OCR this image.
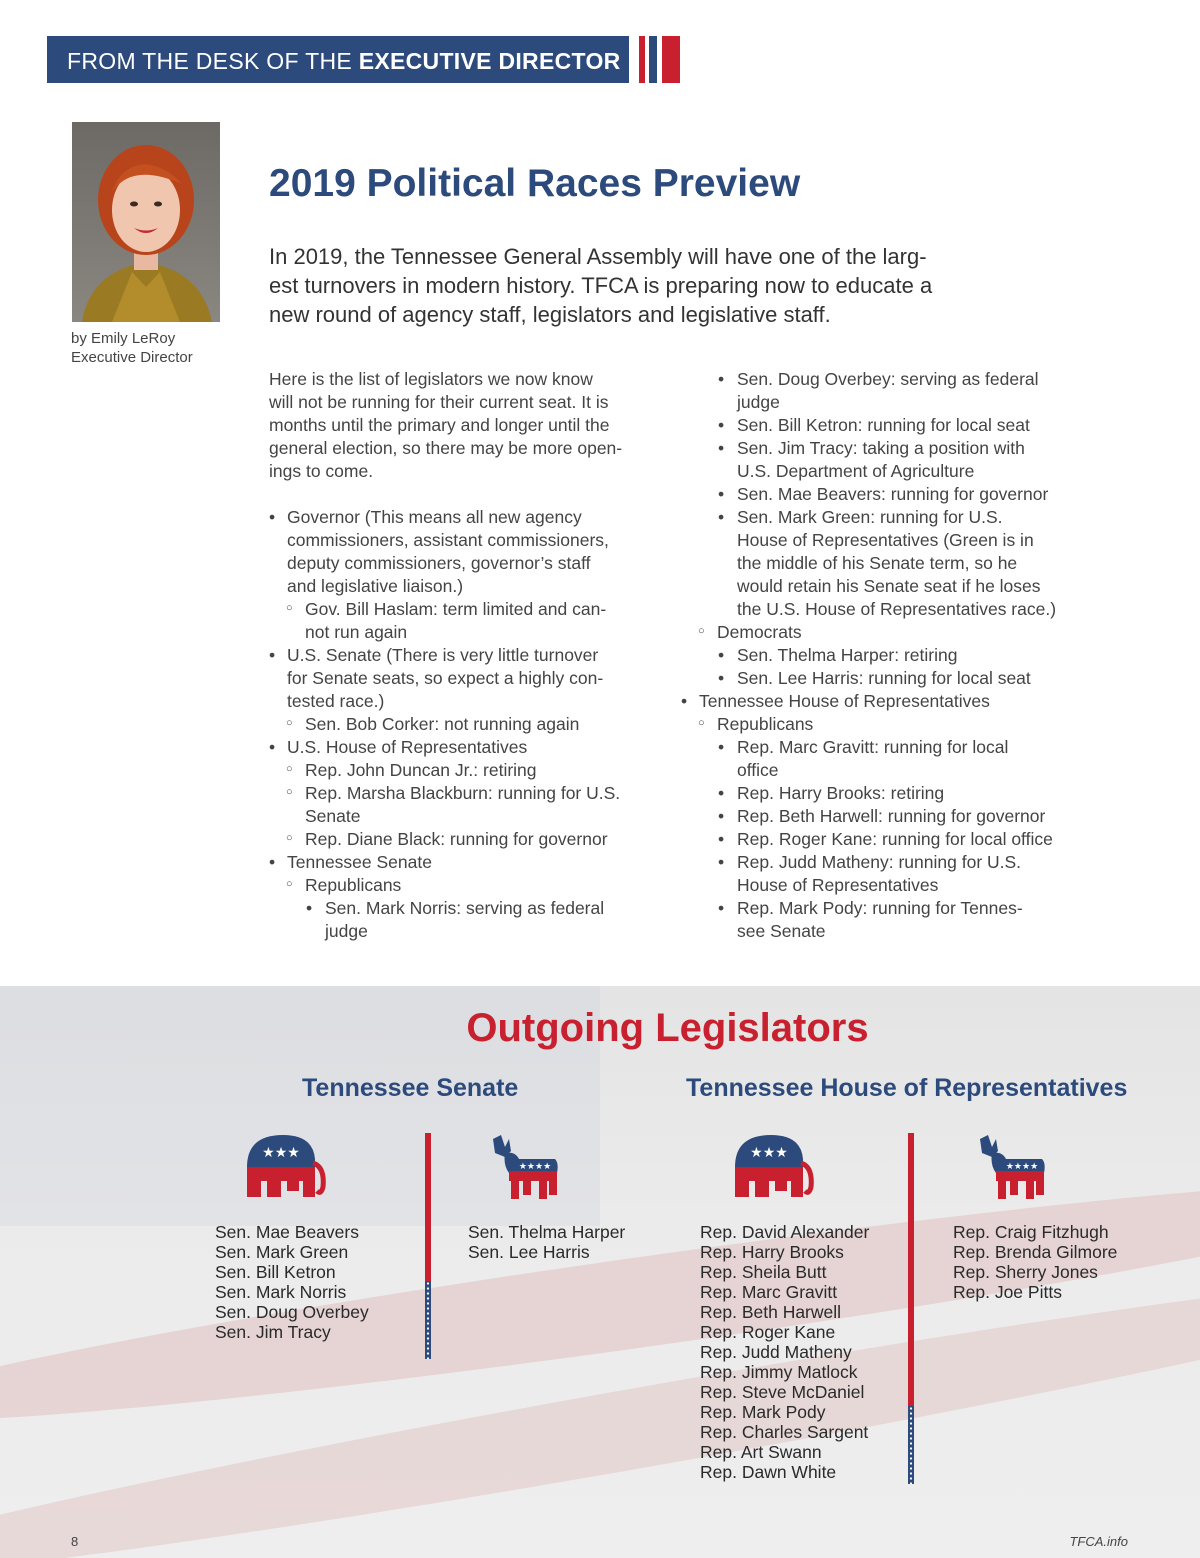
FROM THE DESK OF THE EXECUTIVE DIRECTOR
by Emily LeRoy
Executive Director
2019 Political Races Preview
In 2019, the Tennessee General Assembly will have one of the larg-
est turnovers in modern history. TFCA is preparing now to educate a
new round of agency staff, legislators and legislative staff.
Here is the list of legislators we now know
will not be running for their current seat. It is
months until the primary and longer until the
general election, so there may be more open-
ings to come.
• Governor (This means all new agency
commissioners, assistant commissioners,
deputy commissioners, governor’s staff
and legislative liaison.)
○ Gov. Bill Haslam: term limited and can-
not run again
• U.S. Senate (There is very little turnover
for Senate seats, so expect a highly con-
tested race.)
○ Sen. Bob Corker: not running again
• U.S. House of Representatives
○ Rep. John Duncan Jr.: retiring
○ Rep. Marsha Blackburn: running for U.S.
Senate
○ Rep. Diane Black: running for governor
• Tennessee Senate
○ Republicans
• Sen. Mark Norris: serving as federal
judge
• Sen. Doug Overbey: serving as federal
judge
• Sen. Bill Ketron: running for local seat
• Sen. Jim Tracy: taking a position with
U.S. Department of Agriculture
• Sen. Mae Beavers: running for governor
• Sen. Mark Green: running for U.S.
House of Representatives (Green is in
the middle of his Senate term, so he
would retain his Senate seat if he loses
the U.S. House of Representatives race.)
○ Democrats
• Sen. Thelma Harper: retiring
• Sen. Lee Harris: running for local seat
• Tennessee House of Representatives
○ Republicans
• Rep. Marc Gravitt: running for local
office
• Rep. Harry Brooks: retiring
• Rep. Beth Harwell: running for governor
• Rep. Roger Kane: running for local office
• Rep. Judd Matheny: running for U.S.
House of Representatives
• Rep. Mark Pody: running for Tennes-
see Senate
Outgoing Legislators
Tennessee Senate	Tennessee House of Representatives
★★★
★★★★
★★★
★★★★
Sen. Mae Beavers
Sen. Mark Green
Sen. Bill Ketron
Sen. Mark Norris
Sen. Doug Overbey
Sen. Jim Tracy
Sen. Thelma Harper
Sen. Lee Harris
Rep. David Alexander
Rep. Harry Brooks
Rep. Sheila Butt
Rep. Marc Gravitt
Rep. Beth Harwell
Rep. Roger Kane
Rep. Judd Matheny
Rep. Jimmy Matlock
Rep. Steve McDaniel
Rep. Mark Pody
Rep. Charles Sargent
Rep. Art Swann
Rep. Dawn White
Rep. Craig Fitzhugh
Rep. Brenda Gilmore
Rep. Sherry Jones
Rep. Joe Pitts
8	TFCA.info
